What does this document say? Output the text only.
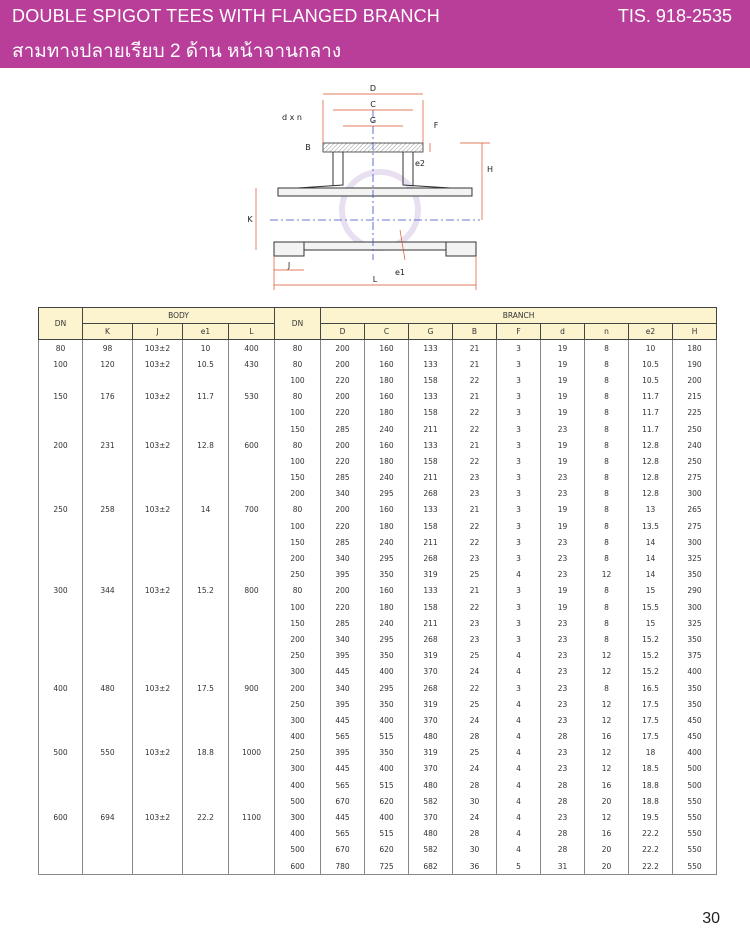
DOUBLE SPIGOT TEES WITH FLANGED BRANCH
สามทางปลายเรียบ 2 ด้าน หน้าจานกลาง
TIS. 918-2535
D
C
G
d x n
F
B
e2
H
K
J
e1
L
DN	BODY				DN	BRANCH								
	K	J	e1	L		D	C	G	B	F	d	n	e2	H
80	98	103±2	10	400	80	200	160	133	21	3	19	8	10	180
100	120	103±2	10.5	430	80	200	160	133	21	3	19	8	10.5	190
					100	220	180	158	22	3	19	8	10.5	200
150	176	103±2	11.7	530	80	200	160	133	21	3	19	8	11.7	215
					100	220	180	158	22	3	19	8	11.7	225
					150	285	240	211	22	3	23	8	11.7	250
200	231	103±2	12.8	600	80	200	160	133	21	3	19	8	12.8	240
					100	220	180	158	22	3	19	8	12.8	250
					150	285	240	211	23	3	23	8	12.8	275
					200	340	295	268	23	3	23	8	12.8	300
250	258	103±2	14	700	80	200	160	133	21	3	19	8	13	265
					100	220	180	158	22	3	19	8	13.5	275
					150	285	240	211	22	3	23	8	14	300
					200	340	295	268	23	3	23	8	14	325
					250	395	350	319	25	4	23	12	14	350
300	344	103±2	15.2	800	80	200	160	133	21	3	19	8	15	290
					100	220	180	158	22	3	19	8	15.5	300
					150	285	240	211	23	3	23	8	15	325
					200	340	295	268	23	3	23	8	15.2	350
					250	395	350	319	25	4	23	12	15.2	375
					300	445	400	370	24	4	23	12	15.2	400
400	480	103±2	17.5	900	200	340	295	268	22	3	23	8	16.5	350
					250	395	350	319	25	4	23	12	17.5	350
					300	445	400	370	24	4	23	12	17.5	450
					400	565	515	480	28	4	28	16	17.5	450
500	550	103±2	18.8	1000	250	395	350	319	25	4	23	12	18	400
					300	445	400	370	24	4	23	12	18.5	500
					400	565	515	480	28	4	28	16	18.8	500
					500	670	620	582	30	4	28	20	18.8	550
600	694	103±2	22.2	1100	300	445	400	370	24	4	23	12	19.5	550
					400	565	515	480	28	4	28	16	22.2	550
					500	670	620	582	30	4	28	20	22.2	550
					600	780	725	682	36	5	31	20	22.2	550
30
